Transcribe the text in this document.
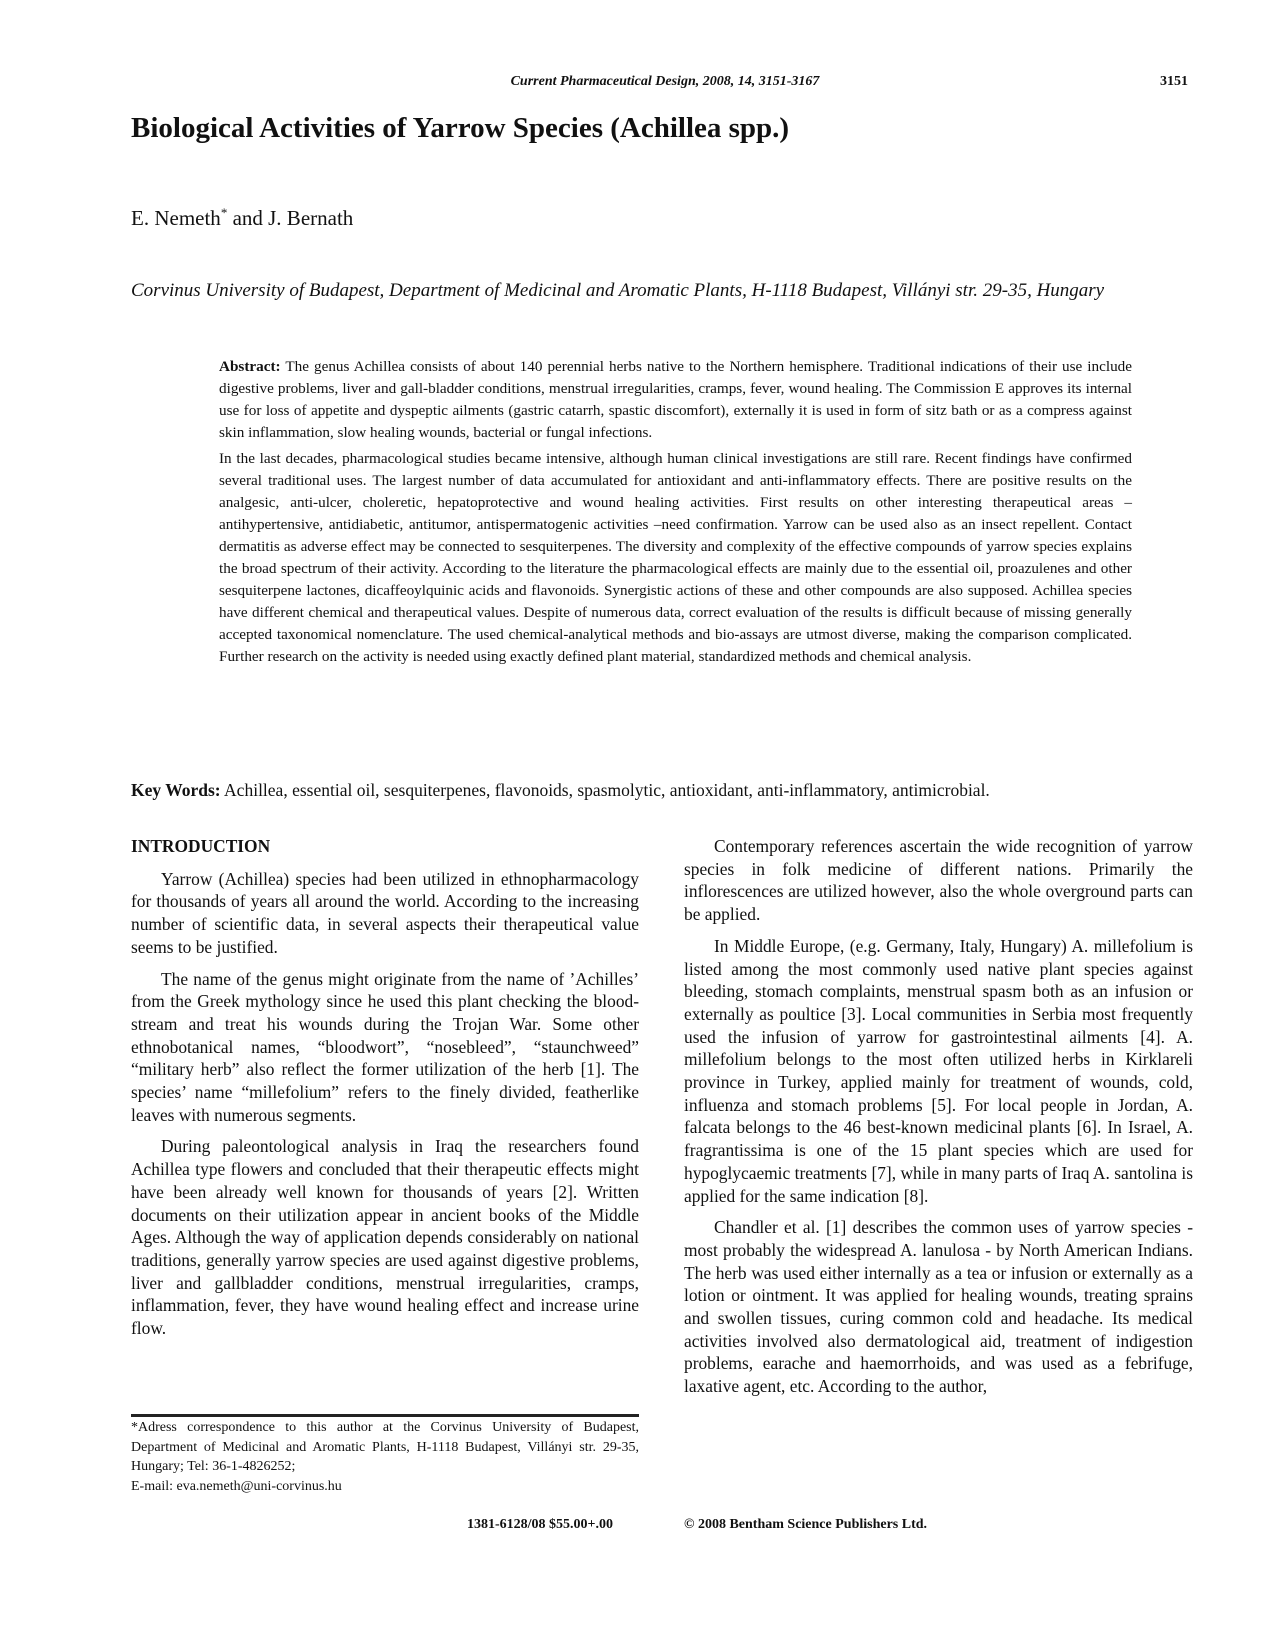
Current Pharmaceutical Design, 2008, 14, 3151-3167	3151
Biological Activities of Yarrow Species (Achillea spp.)
E. Nemeth* and J. Bernath
Corvinus University of Budapest, Department of Medicinal and Aromatic Plants, H-1118 Budapest, Villányi str. 29-35, Hungary

Abstract: The genus Achillea consists of about 140 perennial herbs native to the Northern hemisphere. Traditional indications of their use include digestive problems, liver and gall-bladder conditions, menstrual irregularities, cramps, fever, wound healing. The Commission E approves its internal use for loss of appetite and dyspeptic ailments (gastric catarrh, spastic discomfort), externally it is used in form of sitz bath or as a compress against skin inflammation, slow healing wounds, bacterial or fungal infections.

In the last decades, pharmacological studies became intensive, although human clinical investigations are still rare. Recent findings have confirmed several traditional uses. The largest number of data accumulated for antioxidant and anti-inflammatory effects. There are positive results on the analgesic, anti-ulcer, choleretic, hepatoprotective and wound healing activities. First results on other interesting therapeutical areas – antihypertensive, antidiabetic, antitumor, antispermatogenic activities –need confirmation. Yarrow can be used also as an insect repellent. Contact dermatitis as adverse effect may be connected to sesquiterpenes. The diversity and complexity of the effective compounds of yarrow species explains the broad spectrum of their activity. According to the literature the pharmacological effects are mainly due to the essential oil, proazulenes and other sesquiterpene lactones, dicaffeoylquinic acids and flavonoids. Synergistic actions of these and other compounds are also supposed. Achillea species have different chemical and therapeutical values. Despite of numerous data, correct evaluation of the results is difficult because of missing generally accepted taxonomical nomenclature. The used chemical-analytical methods and bio-assays are utmost diverse, making the comparison complicated. Further research on the activity is needed using exactly defined plant material, standardized methods and chemical analysis.

Key Words: Achillea, essential oil, sesquiterpenes, flavonoids, spasmolytic, antioxidant, anti-inflammatory, antimicrobial.
INTRODUCTION

Yarrow (Achillea) species had been utilized in ethnopharmacology for thousands of years all around the world. According to the increasing number of scientific data, in several aspects their therapeutical value seems to be justified.

The name of the genus might originate from the name of ’Achilles’ from the Greek mythology since he used this plant checking the blood-stream and treat his wounds during the Trojan War. Some other ethnobotanical names, “bloodwort”, “nosebleed”, “staunchweed” “military herb” also reflect the former utilization of the herb [1]. The species’ name “millefolium” refers to the finely divided, featherlike leaves with numerous segments.

During paleontological analysis in Iraq the researchers found Achillea type flowers and concluded that their therapeutic effects might have been already well known for thousands of years [2]. Written documents on their utilization appear in ancient books of the Middle Ages. Although the way of application depends considerably on national traditions, generally yarrow species are used against digestive problems, liver and gallbladder conditions, menstrual irregularities, cramps, inflammation, fever, they have wound healing effect and increase urine flow.

Contemporary references ascertain the wide recognition of yarrow species in folk medicine of different nations. Primarily the inflorescences are utilized however, also the whole overground parts can be applied.

In Middle Europe, (e.g. Germany, Italy, Hungary) A. millefolium is listed among the most commonly used native plant species against bleeding, stomach complaints, menstrual spasm both as an infusion or externally as poultice [3]. Local communities in Serbia most frequently used the infusion of yarrow for gastrointestinal ailments [4]. A. millefolium belongs to the most often utilized herbs in Kirklareli province in Turkey, applied mainly for treatment of wounds, cold, influenza and stomach problems [5]. For local people in Jordan, A. falcata belongs to the 46 best-known medicinal plants [6]. In Israel, A. fragrantissima is one of the 15 plant species which are used for hypoglycaemic treatments [7], while in many parts of Iraq A. santolina is applied for the same indication [8].

Chandler et al. [1] describes the common uses of yarrow species - most probably the widespread A. lanulosa - by North American Indians. The herb was used either internally as a tea or infusion or externally as a lotion or ointment. It was applied for healing wounds, treating sprains and swollen tissues, curing common cold and headache. Its medical activities involved also dermatological aid, treatment of indigestion problems, earache and haemorrhoids, and was used as a febrifuge, laxative agent, etc. According to the author,

*Adress correspondence to this author at the Corvinus University of Budapest, Department of Medicinal and Aromatic Plants, H-1118 Budapest, Villányi str. 29-35, Hungary; Tel: 36-1-4826252;

E-mail: eva.nemeth@uni-corvinus.hu

1381-6128/08 $55.00+.00	© 2008 Bentham Science Publishers Ltd.
